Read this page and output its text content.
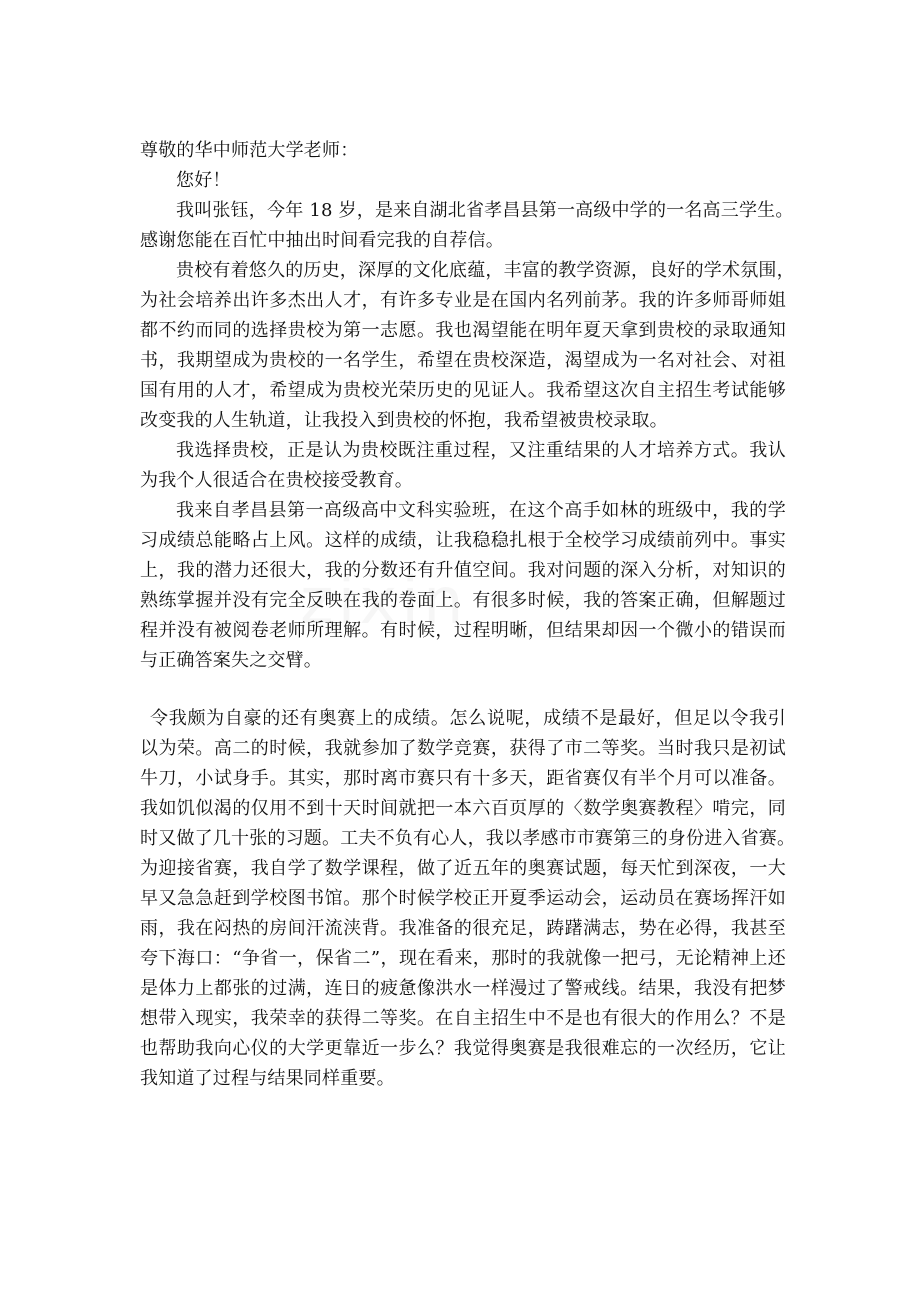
尊敬的华中师范大学老师：
您好！
我叫张钰，今年 18 岁，是来自湖北省孝昌县第一高级中学的一名高三学生。
感谢您能在百忙中抽出时间看完我的自荐信。
贵校有着悠久的历史，深厚的文化底蕴，丰富的教学资源，良好的学术氛围，
为社会培养出许多杰出人才，有许多专业是在国内名列前茅。我的许多师哥师姐
都不约而同的选择贵校为第一志愿。我也渴望能在明年夏天拿到贵校的录取通知
书，我期望成为贵校的一名学生，希望在贵校深造，渴望成为一名对社会、对祖
国有用的人才，希望成为贵校光荣历史的见证人。我希望这次自主招生考试能够
改变我的人生轨道，让我投入到贵校的怀抱，我希望被贵校录取。
我选择贵校，正是认为贵校既注重过程，又注重结果的人才培养方式。我认
为我个人很适合在贵校接受教育。
我来自孝昌县第一高级高中文科实验班，在这个高手如林的班级中，我的学
习成绩总能略占上风。这样的成绩，让我稳稳扎根于全校学习成绩前列中。事实
上，我的潜力还很大，我的分数还有升值空间。我对问题的深入分析，对知识的
熟练掌握并没有完全反映在我的卷面上。有很多时候，我的答案正确，但解题过
程并没有被阅卷老师所理解。有时候，过程明晰，但结果却因一个微小的错误而
与正确答案失之交臂。
令我颇为自豪的还有奥赛上的成绩。怎么说呢，成绩不是最好，但足以令我引
以为荣。高二的时候，我就参加了数学竞赛，获得了市二等奖。当时我只是初试
牛刀，小试身手。其实，那时离市赛只有十多天，距省赛仅有半个月可以准备。
我如饥似渴的仅用不到十天时间就把一本六百页厚的〈数学奥赛教程〉啃完，同
时又做了几十张的习题。工夫不负有心人，我以孝感市市赛第三的身份进入省赛。
为迎接省赛，我自学了数学课程，做了近五年的奥赛试题，每天忙到深夜，一大
早又急急赶到学校图书馆。那个时候学校正开夏季运动会，运动员在赛场挥汗如
雨，我在闷热的房间汗流浃背。我准备的很充足，踌躇满志，势在必得，我甚至
夸下海口：“争省一，保省二”，现在看来，那时的我就像一把弓，无论精神上还
是体力上都张的过满，连日的疲惫像洪水一样漫过了警戒线。结果，我没有把梦
想带入现实，我荣幸的获得二等奖。在自主招生中不是也有很大的作用么？不是
也帮助我向心仪的大学更靠近一步么？我觉得奥赛是我很难忘的一次经历，它让
我知道了过程与结果同样重要。
